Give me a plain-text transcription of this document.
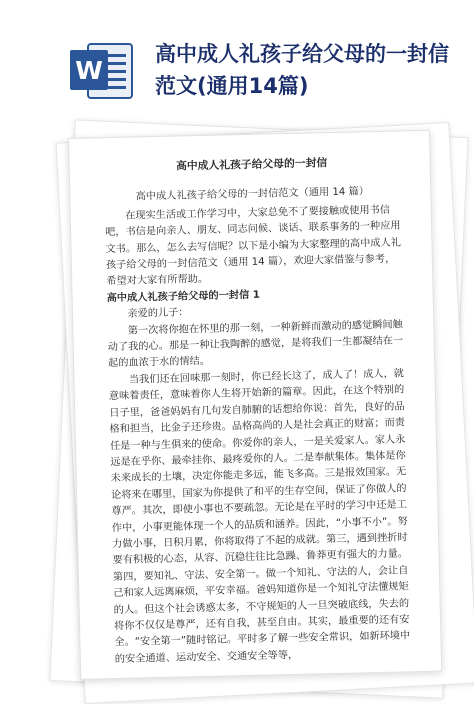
W
高中成人礼孩子给父母的一封信范文(通用14篇)

高中成人礼孩子给父母的一封信

高中成人礼孩子给父母的一封信范文（通用 14 篇）

在现实生活或工作学习中，大家总免不了要接触或使用书信吧，书信是向亲人、朋友、同志问候、谈话、联系事务的一种应用文书。那么，怎么去写信呢？以下是小编为大家整理的高中成人礼孩子给父母的一封信范文（通用 14 篇），欢迎大家借鉴与参考，希望对大家有所帮助。

高中成人礼孩子给父母的一封信 1

亲爱的儿子：

第一次将你抱在怀里的那一刻，一种新鲜而激动的感觉瞬间触动了我的心。那是一种让我陶醉的感觉，是将我们一生都凝结在一起的血浓于水的情结。

当我们还在回味那一刻时，你已经长这了，成人了！成人，就意味着责任，意味着你人生将开始新的篇章。因此，在这个特别的日子里，爸爸妈妈有几句发自肺腑的话想给你说：首先，良好的品格和担当，比金子还珍贵。品格高尚的人是社会真正的财富；而责任是一种与生俱来的使命。你爱你的亲人，一是关爱家人。家人永远是在乎你、最牵挂你、最疼爱你的人。二是奉献集体。集体是你未来成长的土壤，决定你能走多远，能飞多高。三是报效国家。无论将来在哪里，国家为你提供了和平的生存空间，保证了你做人的尊严。其次，即使小事也不要疏忽。无论是在平时的学习中还是工作中，小事更能体现一个人的品质和涵养。因此，“小事不小”。努力做小事，日积月累，你将取得了不起的成就。第三，遇到挫折时要有积极的心态，从容、沉稳往往比急躁、鲁莽更有强大的力量。第四，要知礼、守法、安全第一。做一个知礼、守法的人，会让自己和家人远离麻烦，平安幸福。爸妈知道你是一个知礼守法懂规矩的人。但这个社会诱惑太多，不守规矩的人一旦突破底线，失去的将你不仅仅是尊严，还有自我，甚至自由。其实，最重要的还有安全。“安全第一”随时铭记。平时多了解一些安全常识，如新环境中的安全通道、运动安全、交通安全等等，
